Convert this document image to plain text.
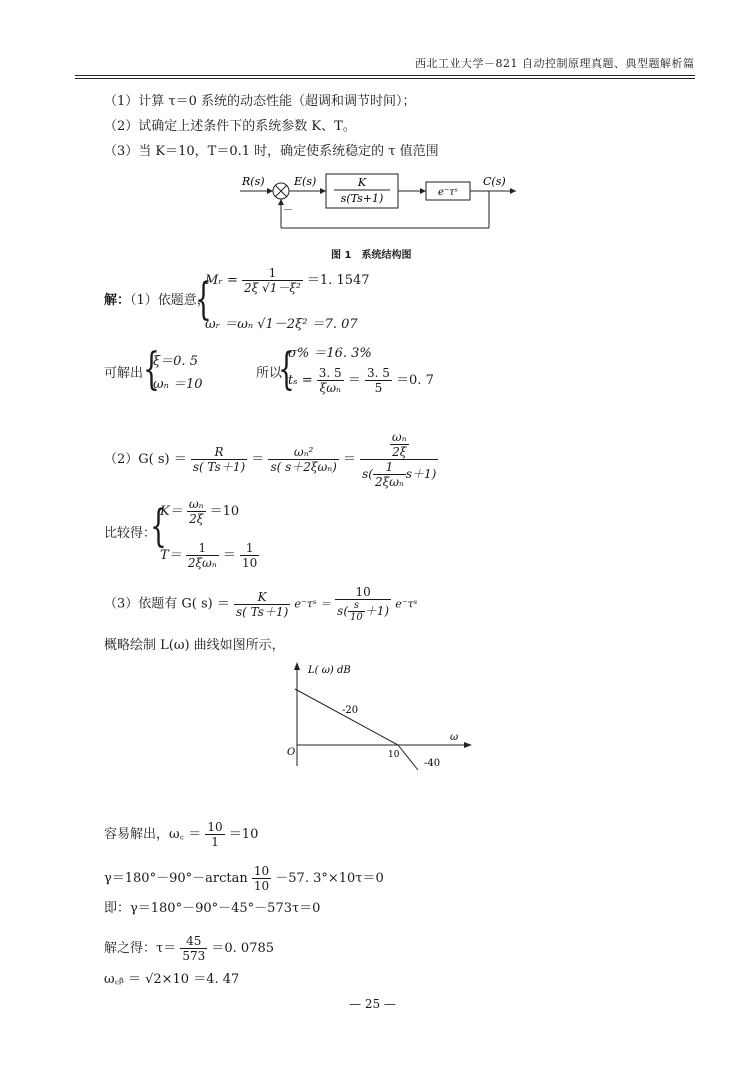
西北工业大学－821 自动控制原理真题、典型题解析篇
（1）计算 τ＝0 系统的动态性能（超调和调节时间）；
（2）试确定上述条件下的系统参数 K、T。
（3）当 K＝10，T＝0.1 时，确定使系统稳定的 τ 值范围
R(s)	E(s)	K
s(Ts+1)	e⁻τˢ
C(s)
－
图 1　系统结构图
解：（1）依题意，
{
Mᵣ = $\frac{1}{\text{2ξ √1－ξ²}} =1$. 1547
ωᵣ ＝ωₙ √1－2ξ² ＝7. 07
可解出 {
ξ＝0. 5
ωₙ ＝10
所以
{
σ% ＝16. 3%
tₛ = 3. 5
$\xi\omega_n = \frac{3. 5}{5} =0$. 7
（2）G( $s) = \frac{R}{s( Ts+1)}$ ＝	ωₙ²
s( s＋2ξωₙ) ＝
$\frac{\text{ωₙ}}{2\xi}$
s(	1
2ξωₙ
s＋1)
比较得：
{
$K= \frac{\text{ωₙ}}{2\xi} =10$
T＝	1
$2\xi\omega_n = \frac{1}{10}$
（3）依题有 G( $s) = \frac{K}{s( Ts+1)}$ e⁻τˢ ＝ $\frac{10}{s( \frac{s}{10} +1)}$ e⁻τˢ
概略绘制 L(ω) 曲线如图所示，
L( ω) dB
ω
O
-20
-40
10
容易解出，ω꜀ ＝ $\frac{10}{1} =10$
$\gamma=180^\circ-90^\circ-\arctan \frac{10}{10} -57$. 3°×10τ＝0
即：γ＝180°－90°－45°－573τ＝0
解之得：$\tau= \frac{45}{573} =0$. 0785
ω꜀ᵦ ＝ √2×10 ＝4. 47
— 25 —
